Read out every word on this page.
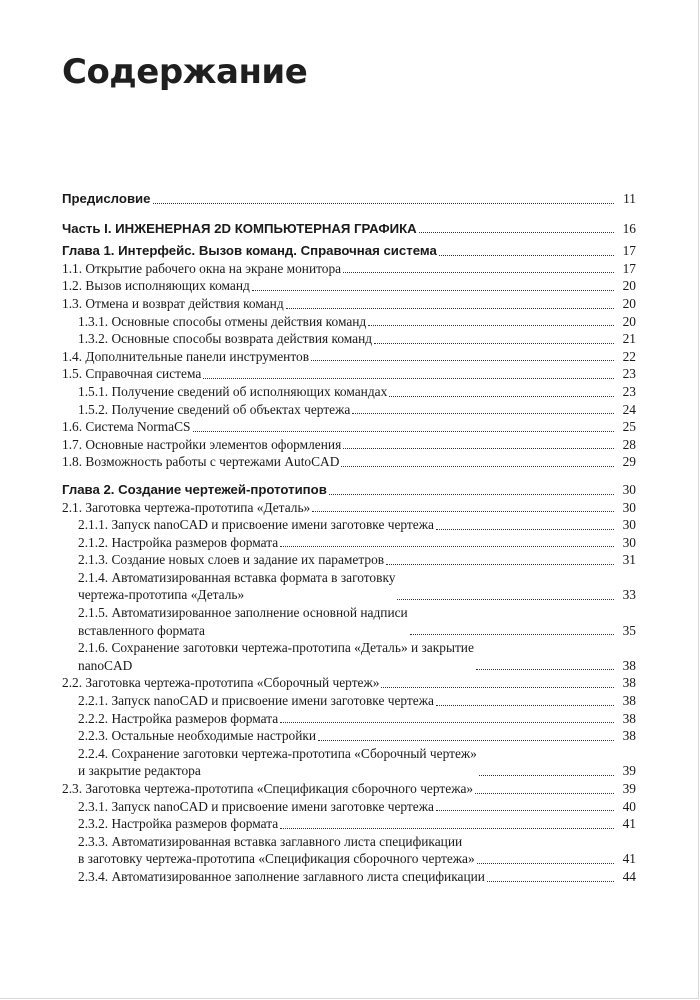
Содержание
Предисловие	11
Часть I. ИНЖЕНЕРНАЯ 2D КОМПЬЮТЕРНАЯ ГРАФИКА	16
Глава 1. Интерфейс. Вызов команд. Справочная система	17
1.1. Открытие рабочего окна на экране монитора	17
1.2. Вызов исполняющих команд	20
1.3. Отмена и возврат действия команд	20
1.3.1. Основные способы отмены действия команд	20
1.3.2. Основные способы возврата действия команд	21
1.4. Дополнительные панели инструментов	22
1.5. Справочная система	23
1.5.1. Получение сведений об исполняющих командах	23
1.5.2. Получение сведений об объектах чертежа	24
1.6. Система NormaCS	25
1.7. Основные настройки элементов оформления	28
1.8. Возможность работы с чертежами AutoCAD	29
Глава 2. Создание чертежей-прототипов	30
2.1. Заготовка чертежа-прототипа «Деталь»	30
2.1.1. Запуск nanoCAD и присвоение имени заготовке чертежа	30
2.1.2. Настройка размеров формата	30
2.1.3. Создание новых слоев и задание их параметров	31
2.1.4. Автоматизированная вставка формата в заготовку
чертежа-прототипа «Деталь»	33
2.1.5. Автоматизированное заполнение основной надписи
вставленного формата	35
2.1.6. Сохранение заготовки чертежа-прототипа «Деталь» и закрытие
nanoCAD	38
2.2. Заготовка чертежа-прототипа «Сборочный чертеж»	38
2.2.1. Запуск nanoCAD и присвоение имени заготовке чертежа	38
2.2.2. Настройка размеров формата	38
2.2.3. Остальные необходимые настройки	38
2.2.4. Сохранение заготовки чертежа-прототипа «Сборочный чертеж»
и закрытие редактора	39
2.3. Заготовка чертежа-прототипа «Спецификация сборочного чертежа»	39
2.3.1. Запуск nanoCAD и присвоение имени заготовке чертежа	40
2.3.2. Настройка размеров формата	41
2.3.3. Автоматизированная вставка заглавного листа спецификации
в заготовку чертежа-прототипа «Спецификация сборочного чертежа»	41
2.3.4. Автоматизированное заполнение заглавного листа спецификации	44
